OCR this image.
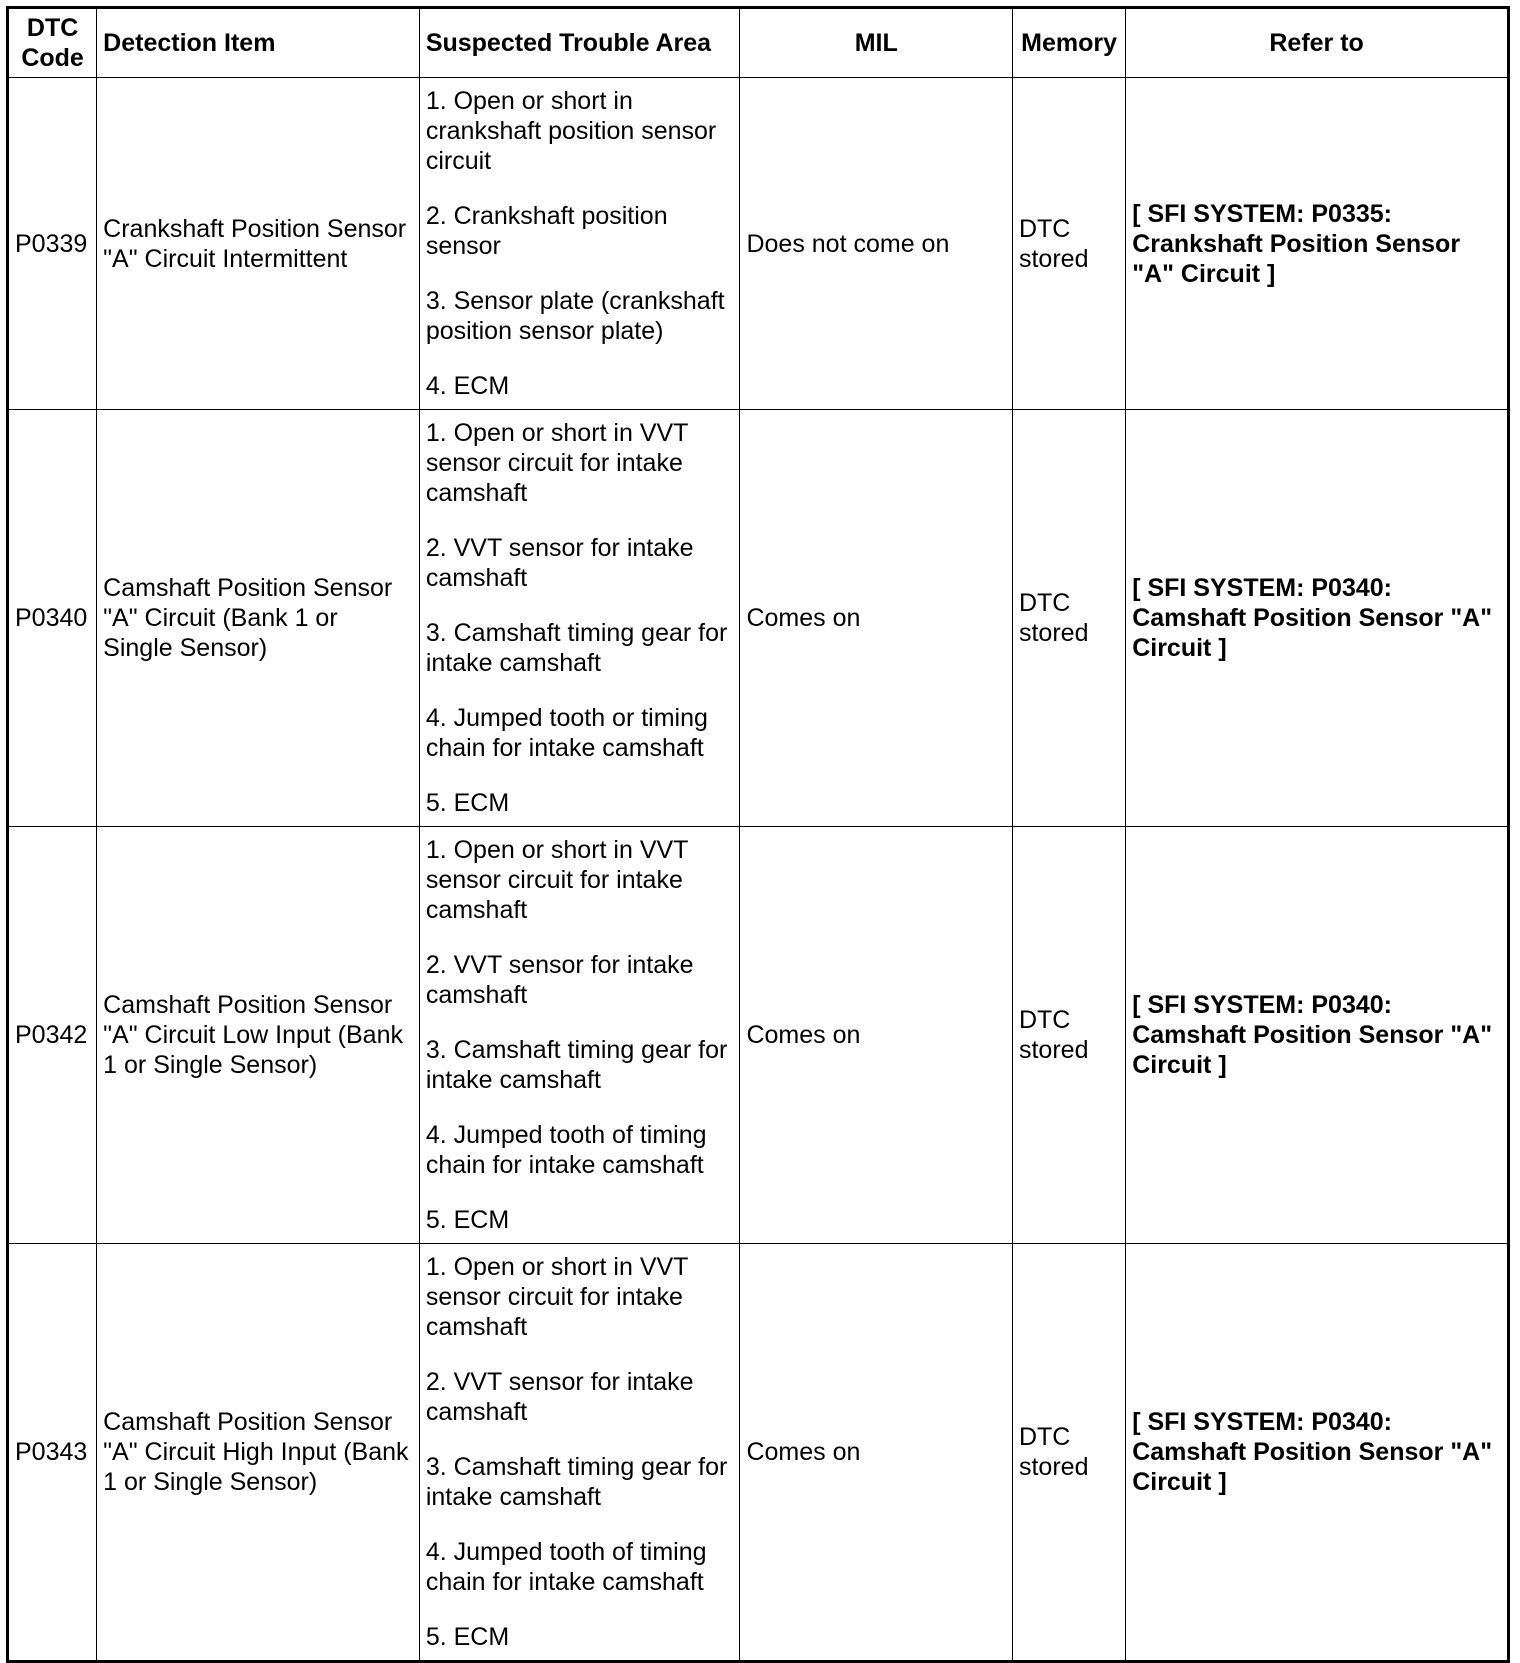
DTC Code	Detection Item	Suspected Trouble Area	MIL	Memory	Refer to
P0339	Crankshaft Position Sensor "A" Circuit Intermittent	1. Open or short in crankshaft position sensor circuit
2. Crankshaft position sensor
3. Sensor plate (crankshaft position sensor plate)
4. ECM	Does not come on	DTC stored	[ SFI SYSTEM: P0335: Crankshaft Position Sensor "A" Circuit ]
P0340	Camshaft Position Sensor "A" Circuit (Bank 1 or Single Sensor)	1. Open or short in VVT sensor circuit for intake camshaft
2. VVT sensor for intake camshaft
3. Camshaft timing gear for intake camshaft
4. Jumped tooth or timing chain for intake camshaft
5. ECM	Comes on	DTC stored	[ SFI SYSTEM: P0340: Camshaft Position Sensor "A" Circuit ]
P0342	Camshaft Position Sensor "A" Circuit Low Input (Bank 1 or Single Sensor)	1. Open or short in VVT sensor circuit for intake camshaft
2. VVT sensor for intake camshaft
3. Camshaft timing gear for intake camshaft
4. Jumped tooth of timing chain for intake camshaft
5. ECM	Comes on	DTC stored	[ SFI SYSTEM: P0340: Camshaft Position Sensor "A" Circuit ]
P0343	Camshaft Position Sensor "A" Circuit High Input (Bank 1 or Single Sensor)	1. Open or short in VVT sensor circuit for intake camshaft
2. VVT sensor for intake camshaft
3. Camshaft timing gear for intake camshaft
4. Jumped tooth of timing chain for intake camshaft
5. ECM	Comes on	DTC stored	[ SFI SYSTEM: P0340: Camshaft Position Sensor "A" Circuit ]
